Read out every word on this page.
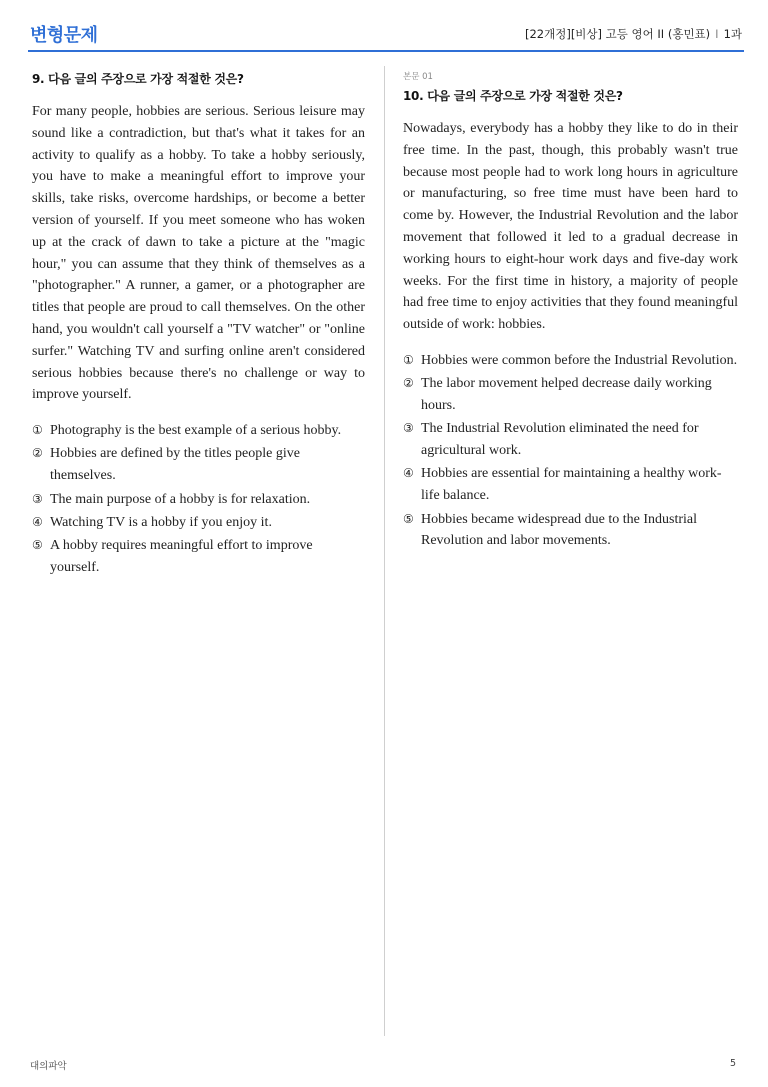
변형문제	[22개정][비상] 고등 영어 II (홍민표) I 1과
9. 다음 글의 주장으로 가장 적절한 것은?

For many people, hobbies are serious. Serious leisure may sound like a contradiction, but that's what it takes for an activity to qualify as a hobby. To take a hobby seriously, you have to make a meaningful effort to improve your skills, take risks, overcome hardships, or become a better version of yourself. If you meet someone who has woken up at the crack of dawn to take a picture at the "magic hour," you can assume that they think of themselves as a "photographer." A runner, a gamer, or a photographer are titles that people are proud to call themselves. On the other hand, you wouldn't call yourself a "TV watcher" or "online surfer." Watching TV and surfing online aren't considered serious hobbies because there's no challenge or way to improve yourself.

① Photography is the best example of a serious hobby.
② Hobbies are defined by the titles people give themselves.
③ The main purpose of a hobby is for relaxation.
④ Watching TV is a hobby if you enjoy it.
⑤ A hobby requires meaningful effort to improve yourself.
본문 01
10. 다음 글의 주장으로 가장 적절한 것은?

Nowadays, everybody has a hobby they like to do in their free time. In the past, though, this probably wasn't true because most people had to work long hours in agriculture or manufacturing, so free time must have been hard to come by. However, the Industrial Revolution and the labor movement that followed it led to a gradual decrease in working hours to eight-hour work days and five-day work weeks. For the first time in history, a majority of people had free time to enjoy activities that they found meaningful outside of work: hobbies.

① Hobbies were common before the Industrial Revolution.
② The labor movement helped decrease daily working hours.
③ The Industrial Revolution eliminated the need for agricultural work.
④ Hobbies are essential for maintaining a healthy work-life balance.
⑤ Hobbies became widespread due to the Industrial Revolution and labor movements.
대의파악	5
